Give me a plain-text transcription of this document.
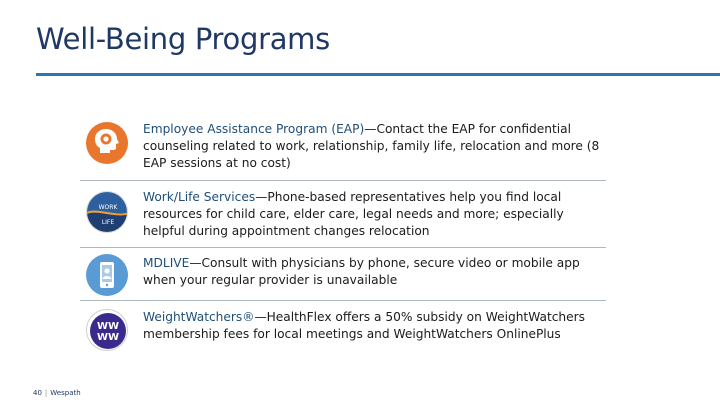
Well-Being Programs
Employee Assistance Program (EAP)—Contact the EAP for confidential counseling related to work, relationship, family life, relocation and more (8 EAP sessions at no cost)
WORK
LIFE
Work/Life Services—Phone-based representatives help you find local resources for child care, elder care, legal needs and more; especially helpful during appointment changes relocation
MDLIVE—Consult with physicians by phone, secure video or mobile app when your regular provider is unavailable
WW
WW
WeightWatchers®—HealthFlex offers a 50% subsidy on WeightWatchers membership fees for local meetings and WeightWatchers OnlinePlus
40 | Wespath
